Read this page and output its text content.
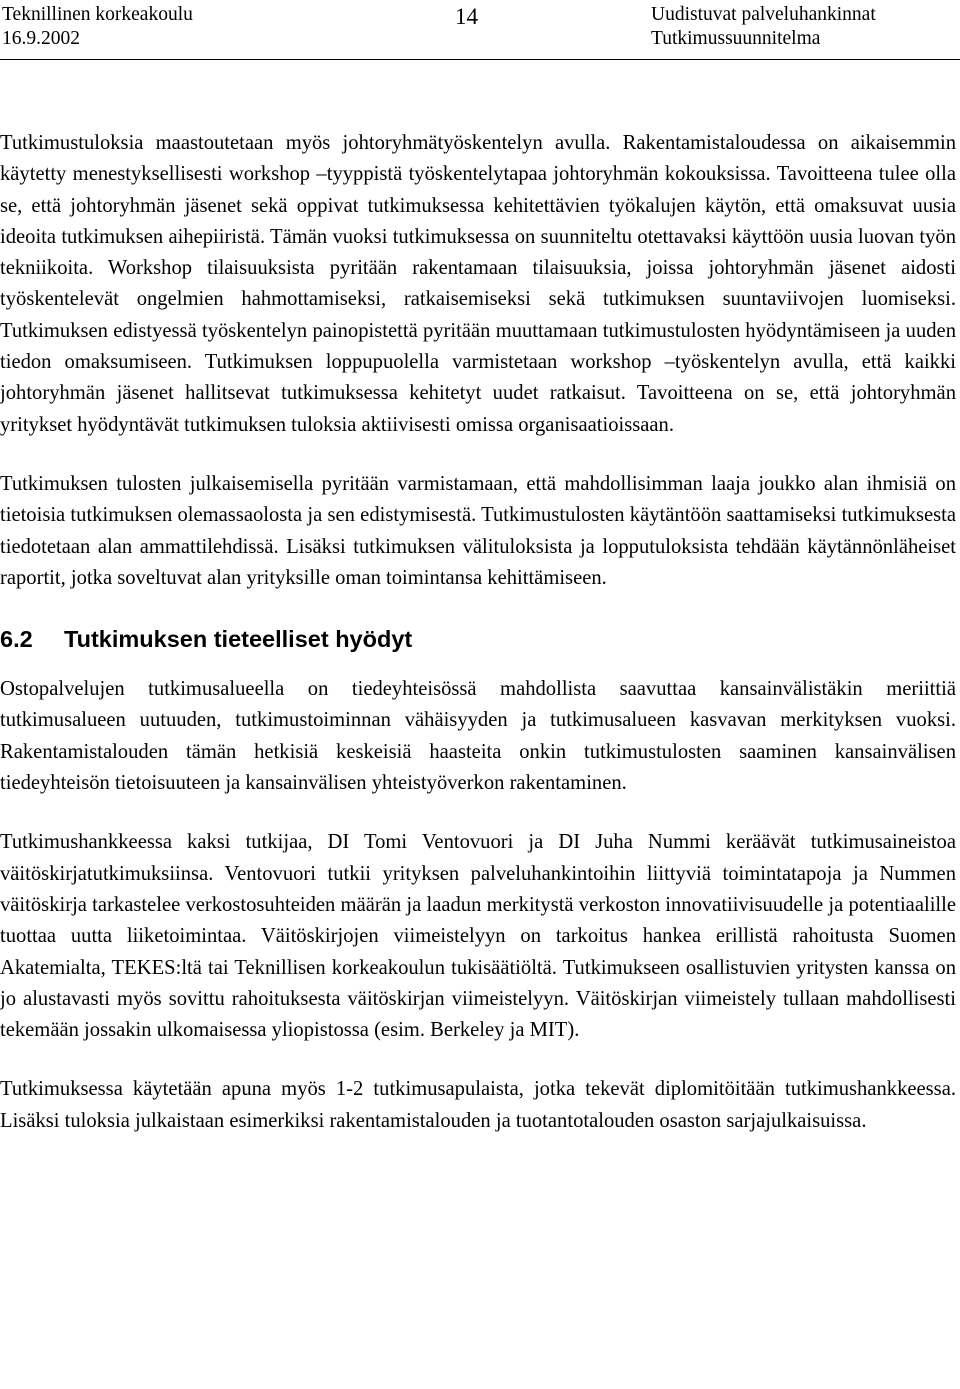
Teknillinen korkeakoulu
16.9.2002
14	Uudistuvat palveluhankinnat
Tutkimussuunnitelma

Tutkimustuloksia maastoutetaan myös johtoryhmätyöskentelyn avulla. Rakentamistaloudessa on aikaisemmin käytetty menestyksellisesti workshop –tyyppistä työskentelytapaa johtoryhmän kokouksissa. Tavoitteena tulee olla se, että johtoryhmän jäsenet sekä oppivat tutkimuksessa kehitettävien työkalujen käytön, että omaksuvat uusia ideoita tutkimuksen aihepiiristä. Tämän vuoksi tutkimuksessa on suunniteltu otettavaksi käyttöön uusia luovan työn tekniikoita. Workshop tilaisuuksista pyritään rakentamaan tilaisuuksia, joissa johtoryhmän jäsenet aidosti työskentelevät ongelmien hahmottamiseksi, ratkaisemiseksi sekä tutkimuksen suuntaviivojen luomiseksi. Tutkimuksen edistyessä työskentelyn painopistettä pyritään muuttamaan tutkimustulosten hyödyntämiseen ja uuden tiedon omaksumiseen. Tutkimuksen loppupuolella varmistetaan workshop –työskentelyn avulla, että kaikki johtoryhmän jäsenet hallitsevat tutkimuksessa kehitetyt uudet ratkaisut. Tavoitteena on se, että johtoryhmän yritykset hyödyntävät tutkimuksen tuloksia aktiivisesti omissa organisaatioissaan.

Tutkimuksen tulosten julkaisemisella pyritään varmistamaan, että mahdollisimman laaja joukko alan ihmisiä on tietoisia tutkimuksen olemassaolosta ja sen edistymisestä. Tutkimustulosten käytäntöön saattamiseksi tutkimuksesta tiedotetaan alan ammattilehdissä. Lisäksi tutkimuksen välituloksista ja lopputuloksista tehdään käytännönläheiset raportit, jotka soveltuvat alan yrityksille oman toimintansa kehittämiseen.

6.2 Tutkimuksen tieteelliset hyödyt

Ostopalvelujen tutkimusalueella on tiedeyhteisössä mahdollista saavuttaa kansainvälistäkin meriittiä tutkimusalueen uutuuden, tutkimustoiminnan vähäisyyden ja tutkimusalueen kasvavan merkityksen vuoksi. Rakentamistalouden tämän hetkisiä keskeisiä haasteita onkin tutkimustulosten saaminen kansainvälisen tiedeyhteisön tietoisuuteen ja kansainvälisen yhteistyöverkon rakentaminen.

Tutkimushankkeessa kaksi tutkijaa, DI Tomi Ventovuori ja DI Juha Nummi keräävät tutkimusaineistoa väitöskirjatutkimuksiinsa. Ventovuori tutkii yrityksen palveluhankintoihin liittyviä toimintatapoja ja Nummen väitöskirja tarkastelee verkostosuhteiden määrän ja laadun merkitystä verkoston innovatiivisuudelle ja potentiaalille tuottaa uutta liiketoimintaa. Väitöskirjojen viimeistelyyn on tarkoitus hankea erillistä rahoitusta Suomen Akatemialta, TEKES:ltä tai Teknillisen korkeakoulun tukisäätiöltä. Tutkimukseen osallistuvien yritysten kanssa on jo alustavasti myös sovittu rahoituksesta väitöskirjan viimeistelyyn. Väitöskirjan viimeistely tullaan mahdollisesti tekemään jossakin ulkomaisessa yliopistossa (esim. Berkeley ja MIT).

Tutkimuksessa käytetään apuna myös 1-2 tutkimusapulaista, jotka tekevät diplomitöitään tutkimushankkeessa. Lisäksi tuloksia julkaistaan esimerkiksi rakentamistalouden ja tuotantotalouden osaston sarjajulkaisuissa.
